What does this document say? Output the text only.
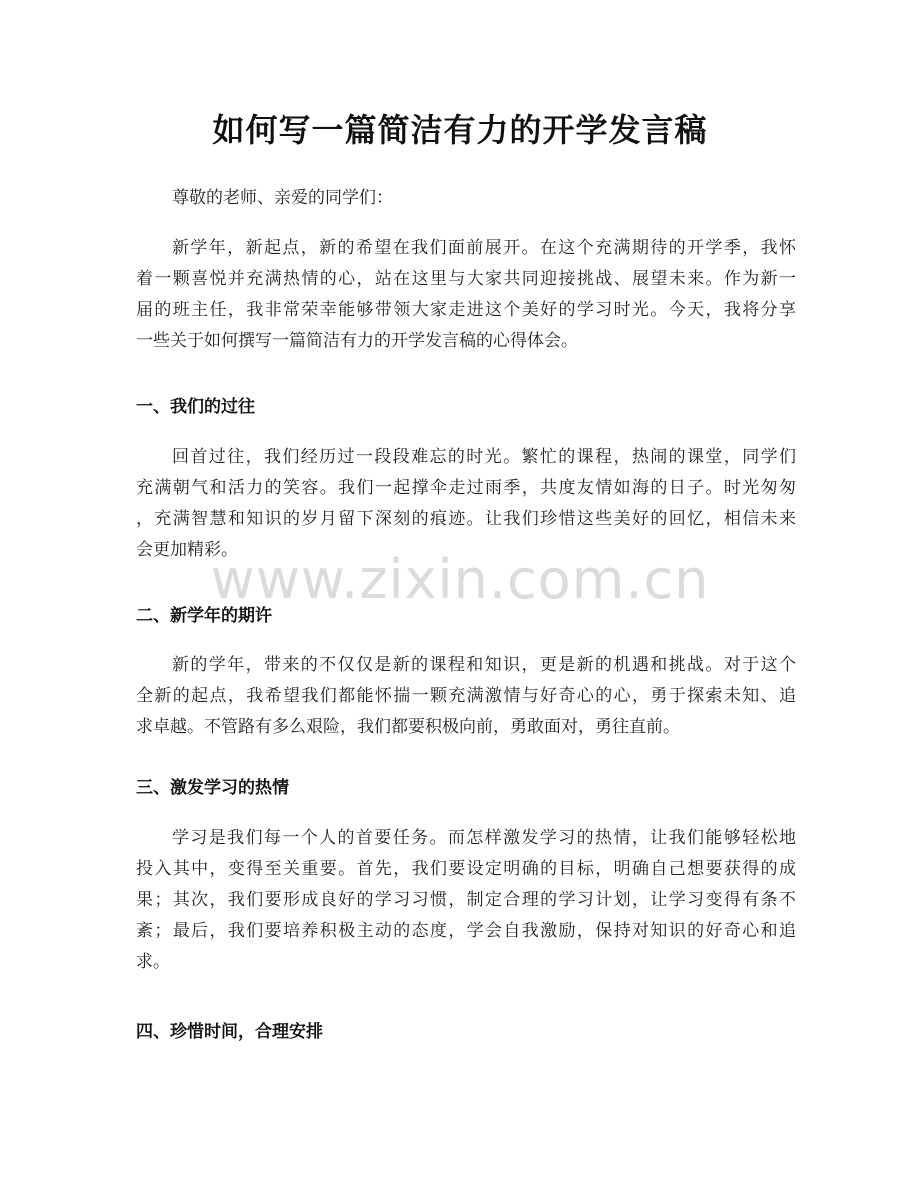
如何写一篇简洁有力的开学发言稿
尊敬的老师、亲爱的同学们：
新学年，新起点，新的希望在我们面前展开。在这个充满期待的开学季，我怀
着一颗喜悦并充满热情的心，站在这里与大家共同迎接挑战、展望未来。作为新一
届的班主任，我非常荣幸能够带领大家走进这个美好的学习时光。今天，我将分享
一些关于如何撰写一篇简洁有力的开学发言稿的心得体会。
一、我们的过往
回首过往，我们经历过一段段难忘的时光。繁忙的课程，热闹的课堂，同学们
充满朝气和活力的笑容。我们一起撑伞走过雨季，共度友情如海的日子。时光匆匆
，充满智慧和知识的岁月留下深刻的痕迹。让我们珍惜这些美好的回忆，相信未来
会更加精彩。
二、新学年的期许
新的学年，带来的不仅仅是新的课程和知识，更是新的机遇和挑战。对于这个
全新的起点，我希望我们都能怀揣一颗充满激情与好奇心的心，勇于探索未知、追
求卓越。不管路有多么艰险，我们都要积极向前，勇敢面对，勇往直前。
三、激发学习的热情
学习是我们每一个人的首要任务。而怎样激发学习的热情，让我们能够轻松地
投入其中，变得至关重要。首先，我们要设定明确的目标，明确自己想要获得的成
果；其次，我们要形成良好的学习习惯，制定合理的学习计划，让学习变得有条不
紊；最后，我们要培养积极主动的态度，学会自我激励，保持对知识的好奇心和追
求。
四、珍惜时间，合理安排
www.zixin.com.cn
